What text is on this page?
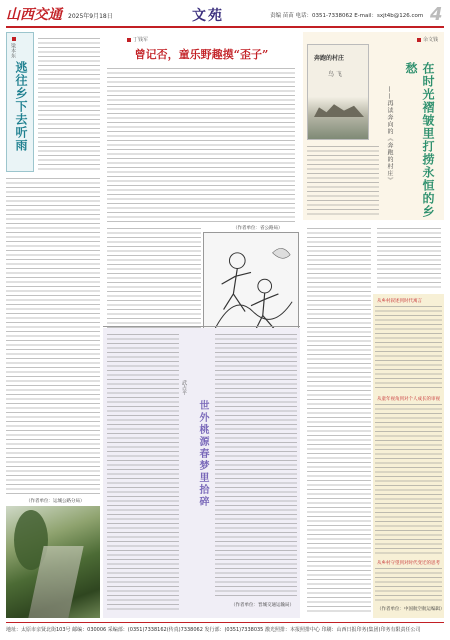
山西交通 2025年9月18日	文苑	责编 苗苗 电话：0351-7338062 E-mail：sxjt4b@126.com 4
梁本东
逃往乡下去听雨
（作者单位：运城公路分局）
丁钱军
曾记否，童乐野趣摸“歪子”
（作者单位：省公路局）
武占平
世外桃源春梦里拾碎
（作者单位：晋城交通运输局）
余文钱
奔跑的村庄
鸟 飞	在时光褶皱里打捞永恒的乡愁
——再读奔向的《奔跑的村庄》
从乡村叙述到时代寓言
从童年视角到对个人成长的审视
从乡村守望到对时代变迁的思考
（作者单位：中国航空航运编辑）
地址：太原市亲贤北街103号 邮编：030006 采编部：(0351)7338162(传真)7338062 发行部：(0351)7338035 激光照排：本报照排中心 印刷：山西日报印务(集团)印务有限责任公司
